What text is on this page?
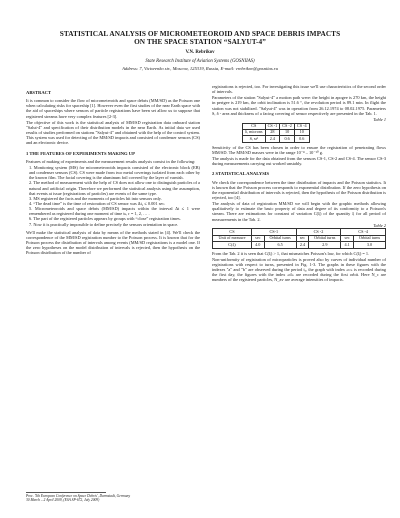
STATISTICAL ANALYSIS OF MICROMETEOROID AND SPACE DEBRIS IMPACTS
ON THE SPACE STATION “SALYUT-4”
V.N. Rebrikov
State Research Institute of Aviation Systems (GOSNIIAS)
Address: 7, Victorenko str., Moscow, 125319, Russia, E-mail: vrebrikov@gosniias.ru
ABSTRACT

It is common to consider the flow of micrometeroids and space debris (MM/SD) as the Poisson one when calculating risks for spaceship [1]. However even the first studies of the near Earth space with the aid of spaceships where sensors of particle registrations have been set allow us to suppose that registered streams have very complex features [2-3].

The objective of this work is the statistical analysis of MM/SD registration data onboard station "Salut-4" and specification of their distribution models in the near Earth. As initial data we used results of studies performed on stations "Salyut-4" and obtained with the help of the control system. This system was used for detecting of the MM/SD impacts and consisted of condenser sensors (CS) and an electronic device.

1 THE FEATURES OF EXPERIMENTS MAKING UP

Features of making of experiments and the measurement results analysis consist in the following:

1. Monitoring system (MS) for micrometeoroids impacts consisted of the electronic block (EB) and condenser sensors (CS). CS were made from two metal coverings isolated from each other by the known film. The facial covering is the aluminum foil covered by the layer of varnish.

2. The method of measurement with the help of CS does not allow one to distinguish particles of a natural and artificial origin. Therefore we performed the statistical analysis using the assumption, that events at issue (registrations of particles) are events of the same type.

3. MS registered the facts and the moments of particles hit into sensors only.

4. “The dead time” is the time of restoration of CS sensor was Δt₁ ≤ 0.001 sec.

5. Micrometeoroids and space debris (MM/SD) impacts within the interval Δt ≤ 1 were remembered as registered during one moment of time tₖ, r = 1, 2, … .

6. The part of the registered particles appears by groups with “close” registration times.

7. Now it is practically impossible to define precisely the sensors orientation in space.

We'll make the statistical analysis of data by means of the methods stated in [4]. We'll check the correspondence of the MM/SD registration number to the Poisson process. It is known that for the Poisson process the distribution of intervals among events (MM/SD registrations is a model one. If the zero hypotheses on the model distribution of intervals is rejected, then the hypothesis on the Poisson distribution of the number of

registrations is rejected, too. For investigating this issue we'll use characteristics of the second order of intervals.

Parameters of the station "Salyut-4" a motion path were: the height in apogee is 270 km, the height in perigee is 219 km, the orbit inclination is 51.6 °, the revolution period is 89.1 min. In flight the station was not stabilized. "Salyut-4" was in operation from 26.12.1974 to 08.02.1975. Parameters S, δ - area and thickness of a facing covering of sensor respectively are presented in the Tab. 1.

Table 1
CS	CS -1	CS -2	CS -4
δ, microns	28	10	10
S, м²	2.4	0.6	0.6

Sensitivity of the CS has been chosen in order to ensure the registration of penetrating flows MM/SD. The MM/SD masses were in the range 10⁻⁸ – 10⁻¹⁰ g.

The analysis is made for the data obtained from the sensors CS-1, CS-2 and CS-4. The sensor CS-3 during measurements carrying out worked unstably.

2 STATISTICAL ANALYSIS

We check the correspondence between the time distribution of impacts and the Poisson statistics. It is known that the Poisson process corresponds to exponential distribution. If the zero hypothesis on the exponential distribution of intervals is rejected, then the hypothesis of the Poisson distribution is rejected, too [4].

The analysis of data of registration MM/SD we will begin with the graphic methods allowing qualitatively to estimate the basic property of data and degree of its conformity to a Poisson's stream. There are estimations for constant of variation C(ξ) of the quantity ξ for all period of measurements in the Tab. 2.

Table 2
CS	CS-1		CS -2		CS -4	
Unit of measure	sec	Orbital turns	sec	Orbital turns	sec	Orbital turns
C(ξ)	4.0	6.5	2.4	2.9	4.1	3.0

From the Tab. 2 it is seen that C(ξ) > 1, that mismatches Poisson's law, for which C(ξ) = 1.

Non-uniformity of registration of microparticles is proved also by curves of individual number of registrations with respect to turns, presented in Fig. 1-3. The graphs in these figures with the indexes "a" and "b" are observed during the period tₐ, the graph with index «c» is recorded during the first day, the figures with the index «d» are recorded during the first orbit. Here N_c are numbers of the registered particles, N_av are average intensities of impacts.

Proc. '5th European Conference on Space Debris', Darmstadt, Germany
30 March – 2 April 2009, (ESA SP-672, July 2009)
